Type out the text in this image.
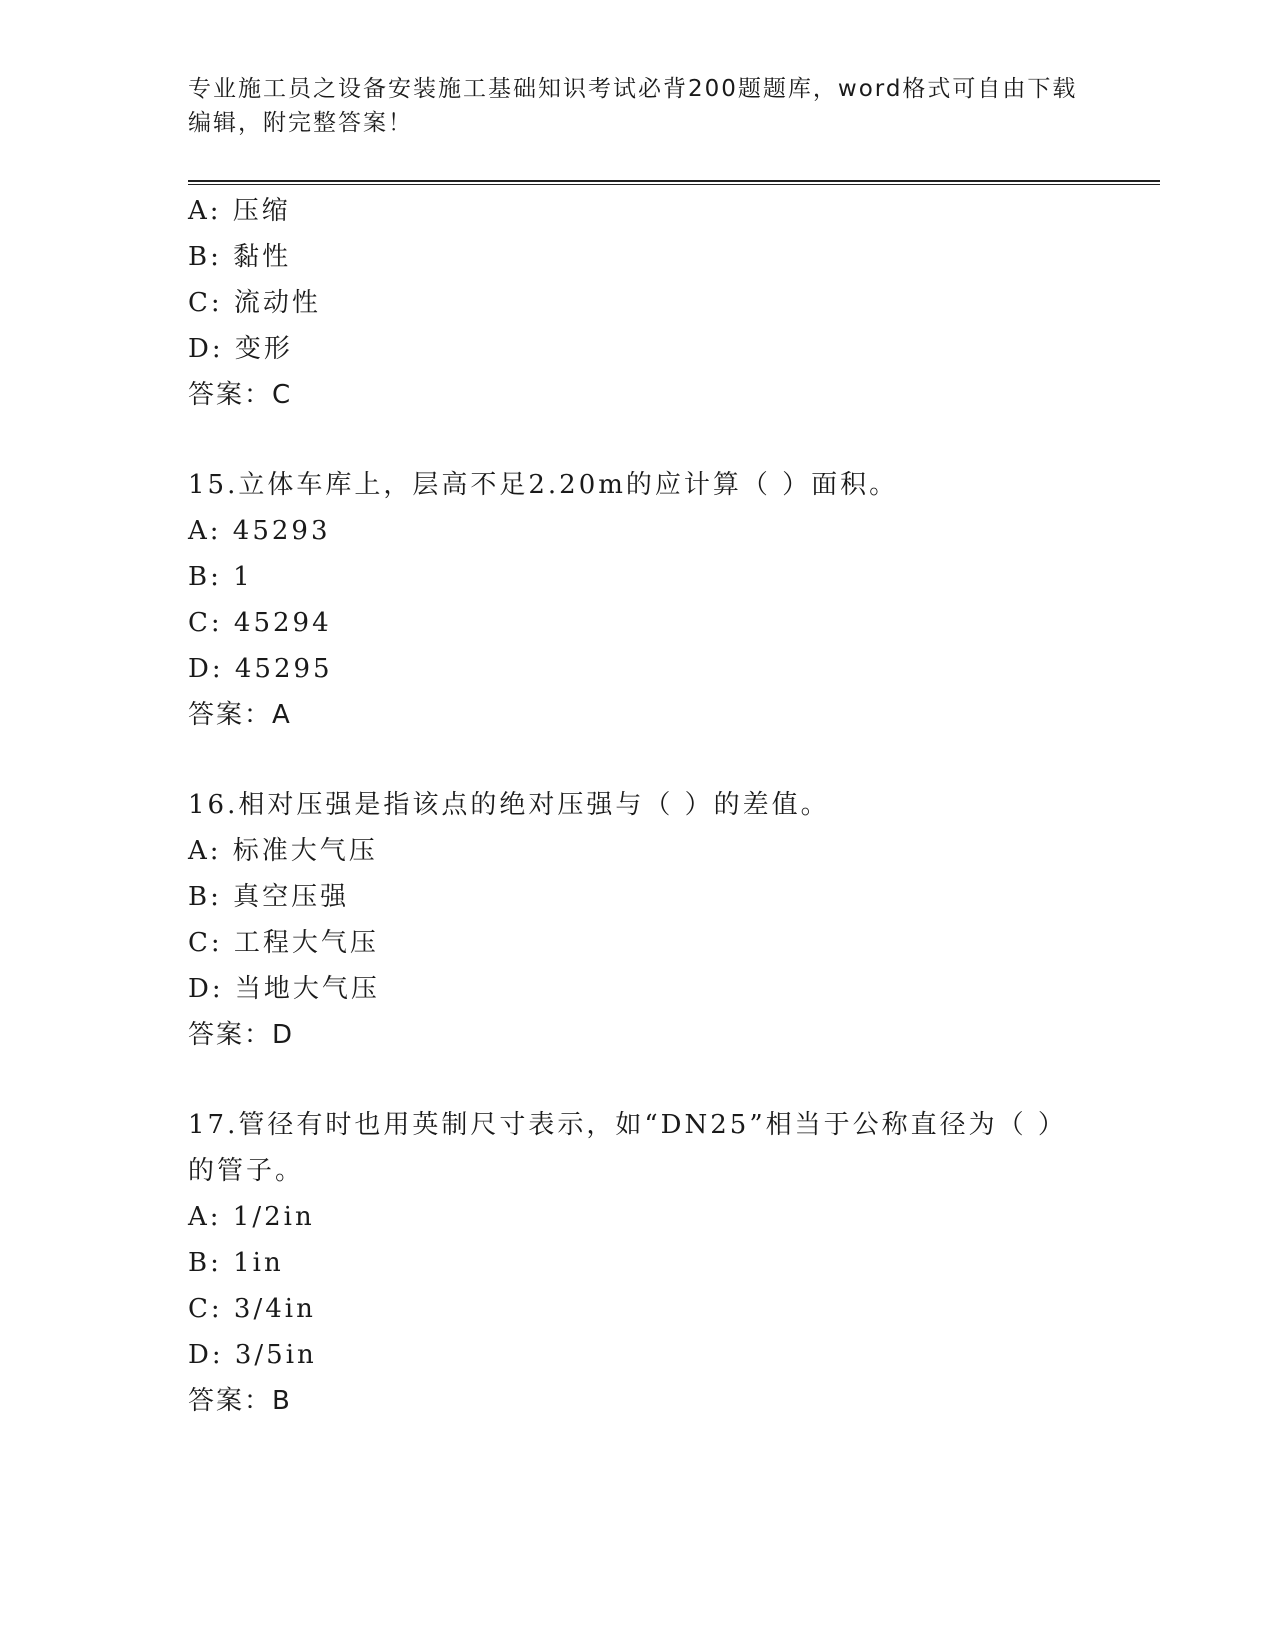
专业施工员之设备安装施工基础知识考试必背200题题库，word格式可自由下载编辑，附完整答案！
A: 压缩
B: 黏性
C: 流动性
D: 变形
答案：C
15.立体车库上，层高不足2.20m的应计算（ ）面积。
A: 45293
B: 1
C: 45294
D: 45295
答案：A
16.相对压强是指该点的绝对压强与（ ）的差值。
A: 标准大气压
B: 真空压强
C: 工程大气压
D: 当地大气压
答案：D
17.管径有时也用英制尺寸表示，如“DN25”相当于公称直径为（ ）的管子。
A: 1/2in
B: 1in
C: 3/4in
D: 3/5in
答案：B
